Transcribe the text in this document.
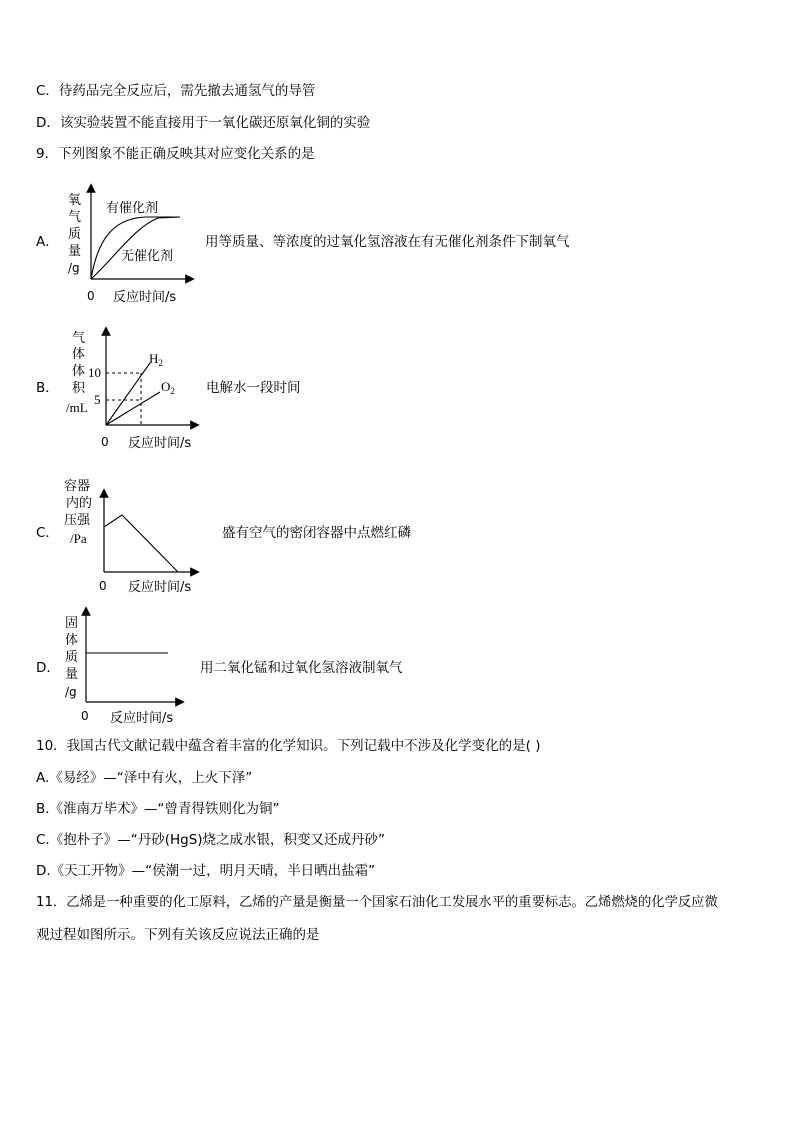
C．待药品完全反应后，需先撤去通氢气的导管
D．该实验装置不能直接用于一氧化碳还原氧化铜的实验
9．下列图象不能正确反映其对应变化关系的是
A．
氧
气
质
量
/g
0 反应时间/s
有催化剂
无催化剂
用等质量、等浓度的过氧化氢溶液在有无催化剂条件下制氧气
B．
气
体
体
积
/mL
10
5
$H_2$
$O_2$
0 反应时间/s
电解水一段时间
C．
容器
内的
压强
/Pa
0 反应时间/s
盛有空气的密闭容器中点燃红磷
D．
固
体
质
量
/g
0 反应时间/s
用二氧化锰和过氧化氢溶液制氧气
10．我国古代文献记载中蕴含着丰富的化学知识。下列记载中不涉及化学变化的是( )
A.《易经》—“泽中有火，上火下泽”
B.《淮南万毕术》—“曾青得铁则化为铜”
C.《抱朴子》—“丹砂(HgS)烧之成水银，积变又还成丹砂”
D.《天工开物》—“侯潮一过，明月天晴，半日晒出盐霜”
11．乙烯是一种重要的化工原料，乙烯的产量是衡量一个国家石油化工发展水平的重要标志。乙烯燃烧的化学反应微
观过程如图所示。下列有关该反应说法正确的是
